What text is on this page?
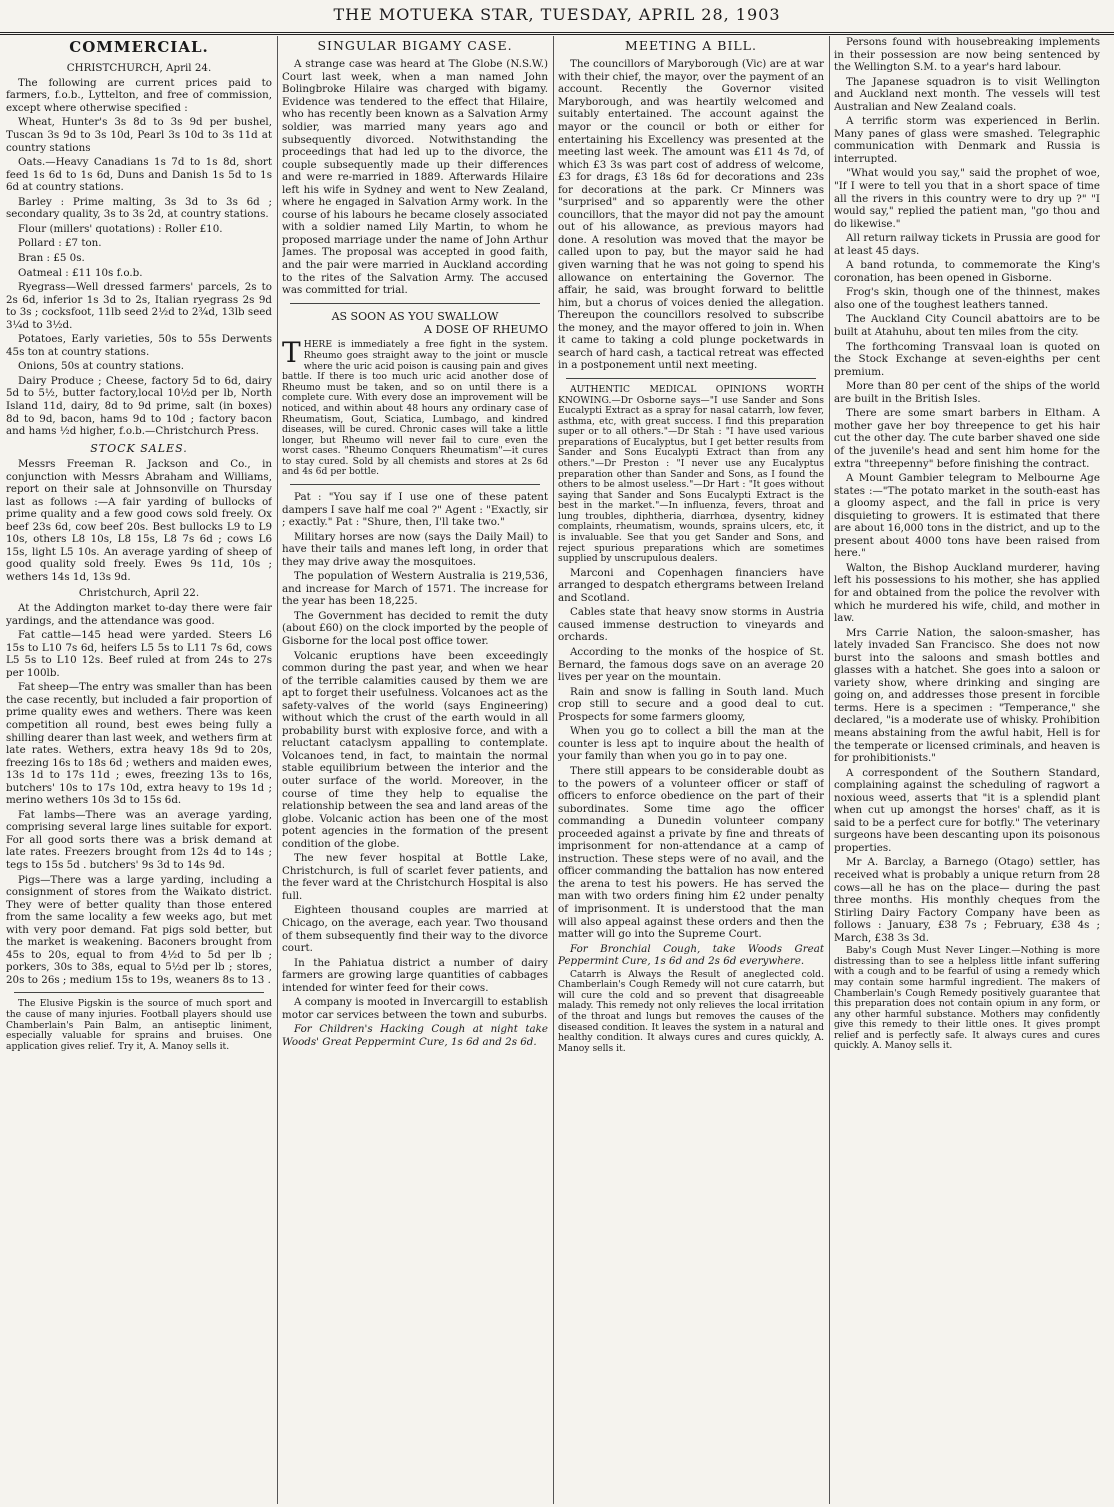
THE MOTUEKA STAR, TUESDAY, APRIL 28, 1903
COMMERCIAL.
CHRISTCHURCH, April 24.

The following are current prices paid to farmers, f.o.b., Lyttelton, and free of commission, except where otherwise specified :

Wheat, Hunter's 3s 8d to 3s 9d per bushel, Tuscan 3s 9d to 3s 10d, Pearl 3s 10d to 3s 11d at country stations

Oats.—Heavy Canadians 1s 7d to 1s 8d, short feed 1s 6d to 1s 6d, Duns and Danish 1s 5d to 1s 6d at country stations.

Barley : Prime malting, 3s 3d to 3s 6d ; secondary quality, 3s to 3s 2d, at country stations.

Flour (millers' quotations) : Roller £10.

Pollard : £7 ton.

Bran : £5 0s.

Oatmeal : £11 10s f.o.b.

Ryegrass—Well dressed farmers' parcels, 2s to 2s 6d, inferior 1s 3d to 2s, Italian ryegrass 2s 9d to 3s ; cocksfoot, 11lb seed 2½d to 2¾d, 13lb seed 3¼d to 3½d.

Potatoes, Early varieties, 50s to 55s Derwents 45s ton at country stations.

Onions, 50s at country stations.

Dairy Produce ; Cheese, factory 5d to 6d, dairy 5d to 5½, butter factory,local 10½d per lb, North Island 11d, dairy, 8d to 9d prime, salt (in boxes) 8d to 9d, bacon, hams 9d to 10d ; factory bacon and hams ½d higher, f.o.b.—Christchurch Press.

STOCK SALES.

Messrs Freeman R. Jackson and Co., in conjunction with Messrs Abraham and Williams, report on their sale at Johnsonville on Thursday last as follows :—A fair yarding of bullocks of prime quality and a few good cows sold freely. Ox beef 23s 6d, cow beef 20s. Best bullocks L9 to L9 10s, others L8 10s, L8 15s, L8 7s 6d ; cows L6 15s, light L5 10s. An average yarding of sheep of good quality sold freely. Ewes 9s 11d, 10s ; wethers 14s 1d, 13s 9d.

Christchurch, April 22.

At the Addington market to-day there were fair yardings, and the attendance was good.

Fat cattle—145 head were yarded. Steers L6 15s to L10 7s 6d, heifers L5 5s to L11 7s 6d, cows L5 5s to L10 12s. Beef ruled at from 24s to 27s per 100lb.

Fat sheep—The entry was smaller than has been the case recently, but included a fair proportion of prime quality ewes and wethers. There was keen competition all round, best ewes being fully a shilling dearer than last week, and wethers firm at late rates. Wethers, extra heavy 18s 9d to 20s, freezing 16s to 18s 6d ; wethers and maiden ewes, 13s 1d to 17s 11d ; ewes, freezing 13s to 16s, butchers' 10s to 17s 10d, extra heavy to 19s 1d ; merino wethers 10s 3d to 15s 6d.

Fat lambs—There was an average yarding, comprising several large lines suitable for export. For all good sorts there was a brisk demand at late rates. Freezers brought from 12s 4d to 14s ; tegs to 15s 5d . butchers' 9s 3d to 14s 9d.

Pigs—There was a large yarding, including a consignment of stores from the Waikato district. They were of better quality than those entered from the same locality a few weeks ago, but met with very poor demand. Fat pigs sold better, but the market is weakening. Baconers brought from 45s to 20s, equal to from 4½d to 5d per lb ; porkers, 30s to 38s, equal to 5½d per lb ; stores, 20s to 26s ; medium 15s to 19s, weaners 8s to 13 .

The Elusive Pigskin is the source of much sport and the cause of many injuries. Football players should use Chamberlain's Pain Balm, an antiseptic liniment, especially valuable for sprains and bruises. One application gives relief. Try it, A. Manoy sells it.

SINGULAR BIGAMY CASE.

A strange case was heard at The Globe (N.S.W.) Court last week, when a man named John Bolingbroke Hilaire was charged with bigamy. Evidence was tendered to the effect that Hilaire, who has recently been known as a Salvation Army soldier, was married many years ago and subsequently divorced. Notwithstanding the proceedings that had led up to the divorce, the couple subsequently made up their differences and were re-married in 1889. Afterwards Hilaire left his wife in Sydney and went to New Zealand, where he engaged in Salvation Army work. In the course of his labours he became closely associated with a soldier named Lily Martin, to whom he proposed marriage under the name of John Arthur James. The proposal was accepted in good faith, and the pair were married in Auckland according to the rites of the Salvation Army. The accused was committed for trial.

AS SOON AS YOU SWALLOW
A DOSE OF RHEUMO

THERE is immediately a free fight in the system. Rheumo goes straight away to the joint or muscle where the uric acid poison is causing pain and gives battle. If there is too much uric acid another dose of Rheumo must be taken, and so on until there is a complete cure. With every dose an improvement will be noticed, and within about 48 hours any ordinary case of Rheumatism, Gout, Sciatica, Lumbago, and kindred diseases, will be cured. Chronic cases will take a little longer, but Rheumo will never fail to cure even the worst cases. "Rheumo Conquers Rheumatism"—it cures to stay cured. Sold by all chemists and stores at 2s 6d and 4s 6d per bottle.

Pat : "You say if I use one of these patent dampers I save half me coal ?" Agent : "Exactly, sir ; exactly." Pat : "Shure, then, I'll take two."

Military horses are now (says the Daily Mail) to have their tails and manes left long, in order that they may drive away the mosquitoes.

The population of Western Australia is 219,536, and increase for March of 1571. The increase for the year has been 18,225.

The Government has decided to remit the duty (about £60) on the clock imported by the people of Gisborne for the local post office tower.

Volcanic eruptions have been exceedingly common during the past year, and when we hear of the terrible calamities caused by them we are apt to forget their usefulness. Volcanoes act as the safety-valves of the world (says Engineering) without which the crust of the earth would in all probability burst with explosive force, and with a reluctant cataclysm appalling to contemplate. Volcanoes tend, in fact, to maintain the normal stable equilibrium between the interior and the outer surface of the world. Moreover, in the course of time they help to equalise the relationship between the sea and land areas of the globe. Volcanic action has been one of the most potent agencies in the formation of the present condition of the globe.

The new fever hospital at Bottle Lake, Christchurch, is full of scarlet fever patients, and the fever ward at the Christchurch Hospital is also full.

Eighteen thousand couples are married at Chicago, on the average, each year. Two thousand of them subsequently find their way to the divorce court.

In the Pahiatua district a number of dairy farmers are growing large quantities of cabbages intended for winter feed for their cows.

A company is mooted in Invercargill to establish motor car services between the town and suburbs.

For Children's Hacking Cough at night take Woods' Great Peppermint Cure, 1s 6d and 2s 6d.

MEETING A BILL.

The councillors of Maryborough (Vic) are at war with their chief, the mayor, over the payment of an account. Recently the Governor visited Maryborough, and was heartily welcomed and suitably entertained. The account against the mayor or the council or both or either for entertaining his Excellency was presented at the meeting last week. The amount was £11 4s 7d, of which £3 3s was part cost of address of welcome, £3 for drags, £3 18s 6d for decorations and 23s for decorations at the park. Cr Minners was "surprised" and so apparently were the other councillors, that the mayor did not pay the amount out of his allowance, as previous mayors had done. A resolution was moved that the mayor be called upon to pay, but the mayor said he had given warning that he was not going to spend his allowance on entertaining the Governor. The affair, he said, was brought forward to belittle him, but a chorus of voices denied the allegation. Thereupon the councillors resolved to subscribe the money, and the mayor offered to join in. When it came to taking a cold plunge pocketwards in search of hard cash, a tactical retreat was effected in a postponement until next meeting.

AUTHENTIC MEDICAL OPINIONS WORTH KNOWING.—Dr Osborne says—"I use Sander and Sons Eucalypti Extract as a spray for nasal catarrh, low fever, asthma, etc, with great success. I find this preparation super or to all others."—Dr Stah : "I have used various preparations of Eucalyptus, but I get better results from Sander and Sons Eucalypti Extract than from any others."—Dr Preston : "I never use any Eucalyptus preparation other than Sander and Sons, as I found the others to be almost useless."—Dr Hart : "It goes without saying that Sander and Sons Eucalypti Extract is the best in the market."—In influenza, fevers, throat and lung troubles, diphtheria, diarrhœa, dysentry, kidney complaints, rheumatism, wounds, sprains ulcers, etc, it is invaluable. See that you get Sander and Sons, and reject spurious preparations which are sometimes supplied by unscrupulous dealers.

Marconi and Copenhagen financiers have arranged to despatch ethergrams between Ireland and Scotland.

Cables state that heavy snow storms in Austria caused immense destruction to vineyards and orchards.

According to the monks of the hospice of St. Bernard, the famous dogs save on an average 20 lives per year on the mountain.

Rain and snow is falling in South land. Much crop still to secure and a good deal to cut. Prospects for some farmers gloomy,

When you go to collect a bill the man at the counter is less apt to inquire about the health of your family than when you go in to pay one.

There still appears to be considerable doubt as to the powers of a volunteer officer or staff of officers to enforce obedience on the part of their subordinates. Some time ago the officer commanding a Dunedin volunteer company proceeded against a private by fine and threats of imprisonment for non-attendance at a camp of instruction. These steps were of no avail, and the officer commanding the battalion has now entered the arena to test his powers. He has served the man with two orders fining him £2 under penalty of imprisonment. It is understood that the man will also appeal against these orders and then the matter will go into the Supreme Court.

For Bronchial Cough, take Woods Great Peppermint Cure, 1s 6d and 2s 6d everywhere.

Catarrh is Always the Result of aneglected cold. Chamberlain's Cough Remedy will not cure catarrh, but will cure the cold and so prevent that disagreeable malady. This remedy not only relieves the local irritation of the throat and lungs but removes the causes of the diseased condition. It leaves the system in a natural and healthy condition. It always cures and cures quickly, A. Manoy sells it.

Persons found with housebreaking implements in their possession are now being sentenced by the Wellington S.M. to a year's hard labour.

The Japanese squadron is to visit Wellington and Auckland next month. The vessels will test Australian and New Zealand coals.

A terrific storm was experienced in Berlin. Many panes of glass were smashed. Telegraphic communication with Denmark and Russia is interrupted.

"What would you say," said the prophet of woe, "If I were to tell you that in a short space of time all the rivers in this country were to dry up ?" "I would say," replied the patient man, "go thou and do likewise."

All return railway tickets in Prussia are good for at least 45 days.

A band rotunda, to commemorate the King's coronation, has been opened in Gisborne.

Frog's skin, though one of the thinnest, makes also one of the toughest leathers tanned.

The Auckland City Council abattoirs are to be built at Atahuhu, about ten miles from the city.

The forthcoming Transvaal loan is quoted on the Stock Exchange at seven-eighths per cent premium.

More than 80 per cent of the ships of the world are built in the British Isles.

There are some smart barbers in Eltham. A mother gave her boy threepence to get his hair cut the other day. The cute barber shaved one side of the juvenile's head and sent him home for the extra "threepenny" before finishing the contract.

A Mount Gambier telegram to Melbourne Age states :—"The potato market in the south-east has a gloomy aspect, and the fall in price is very disquieting to growers. It is estimated that there are about 16,000 tons in the district, and up to the present about 4000 tons have been raised from here."

Walton, the Bishop Auckland murderer, having left his possessions to his mother, she has applied for and obtained from the police the revolver with which he murdered his wife, child, and mother in law.

Mrs Carrie Nation, the saloon-smasher, has lately invaded San Francisco. She does not now burst into the saloons and smash bottles and glasses with a hatchet. She goes into a saloon or variety show, where drinking and singing are going on, and addresses those present in forcible terms. Here is a specimen : "Temperance," she declared, "is a moderate use of whisky. Prohibition means abstaining from the awful habit, Hell is for the temperate or licensed criminals, and heaven is for prohibitionists."

A correspondent of the Southern Standard, complaining against the scheduling of ragwort a noxious weed, asserts that "it is a splendid plant when cut up amongst the horses' chaff, as it is said to be a perfect cure for botfly." The veterinary surgeons have been descanting upon its poisonous properties.

Mr A. Barclay, a Barnego (Otago) settler, has received what is probably a unique return from 28 cows—all he has on the place— during the past three months. His monthly cheques from the Stirling Dairy Factory Company have been as follows : January, £38 7s ; February, £38 4s ; March, £38 3s 3d.

Baby's Cough Must Never Linger.—Nothing is more distressing than to see a helpless little infant suffering with a cough and to be fearful of using a remedy which may contain some harmful ingredient. The makers of Chamberlain's Cough Remedy positively guarantee that this preparation does not contain opium in any form, or any other harmful substance. Mothers may confidently give this remedy to their little ones. It gives prompt relief and is perfectly safe. It always cures and cures quickly. A. Manoy sells it.
